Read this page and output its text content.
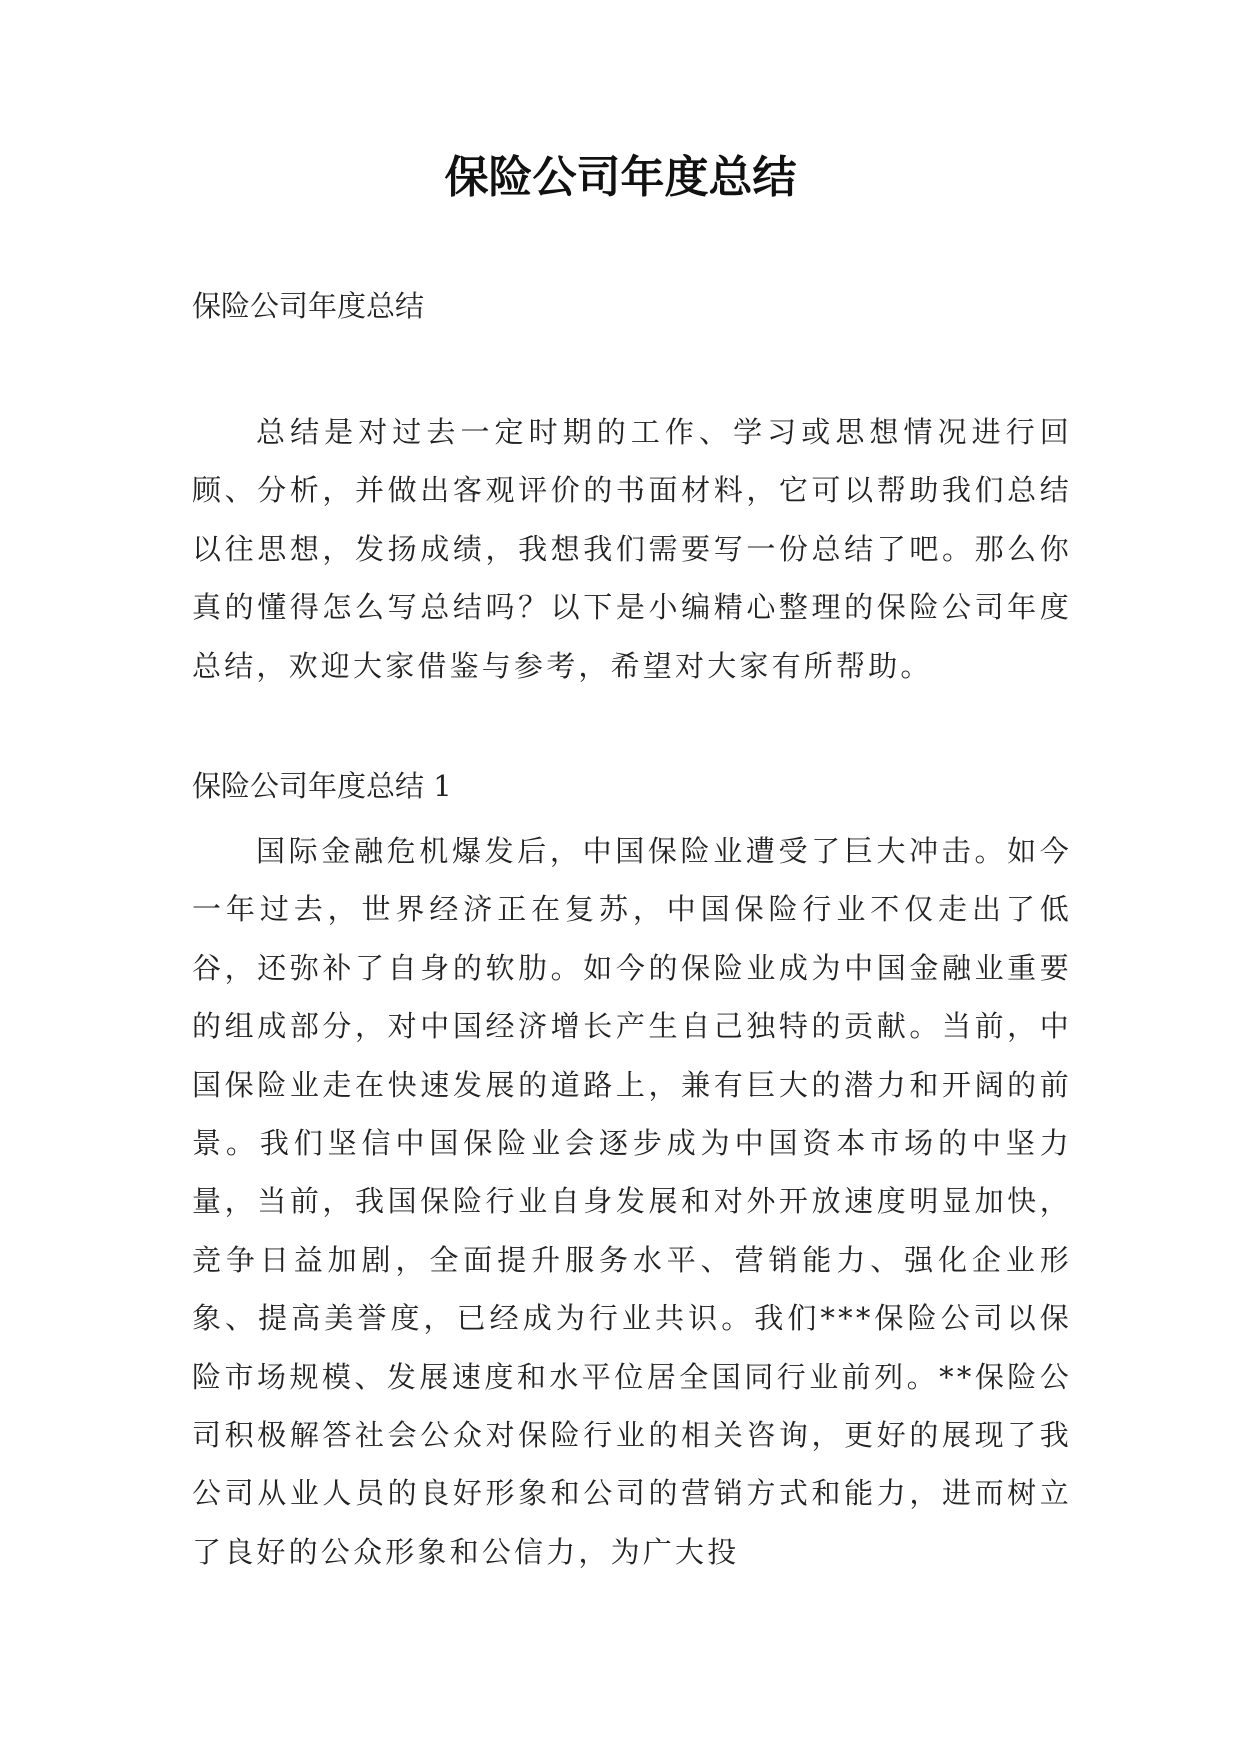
保险公司年度总结

保险公司年度总结

总结是对过去一定时期的工作、学习或思想情况进行回顾、分析，并做出客观评价的书面材料，它可以帮助我们总结以往思想，发扬成绩，我想我们需要写一份总结了吧。那么你真的懂得怎么写总结吗？以下是小编精心整理的保险公司年度总结，欢迎大家借鉴与参考，希望对大家有所帮助。

保险公司年度总结 1

国际金融危机爆发后，中国保险业遭受了巨大冲击。如今一年过去，世界经济正在复苏，中国保险行业不仅走出了低谷，还弥补了自身的软肋。如今的保险业成为中国金融业重要的组成部分，对中国经济增长产生自己独特的贡献。当前，中国保险业走在快速发展的道路上，兼有巨大的潜力和开阔的前景。我们坚信中国保险业会逐步成为中国资本市场的中坚力量，当前，我国保险行业自身发展和对外开放速度明显加快，竞争日益加剧，全面提升服务水平、营销能力、强化企业形象、提高美誉度，已经成为行业共识。我们***保险公司以保险市场规模、发展速度和水平位居全国同行业前列。**保险公司积极解答社会公众对保险行业的相关咨询，更好的展现了我公司从业人员的良好形象和公司的营销方式和能力，进而树立了良好的公众形象和公信力，为广大投
